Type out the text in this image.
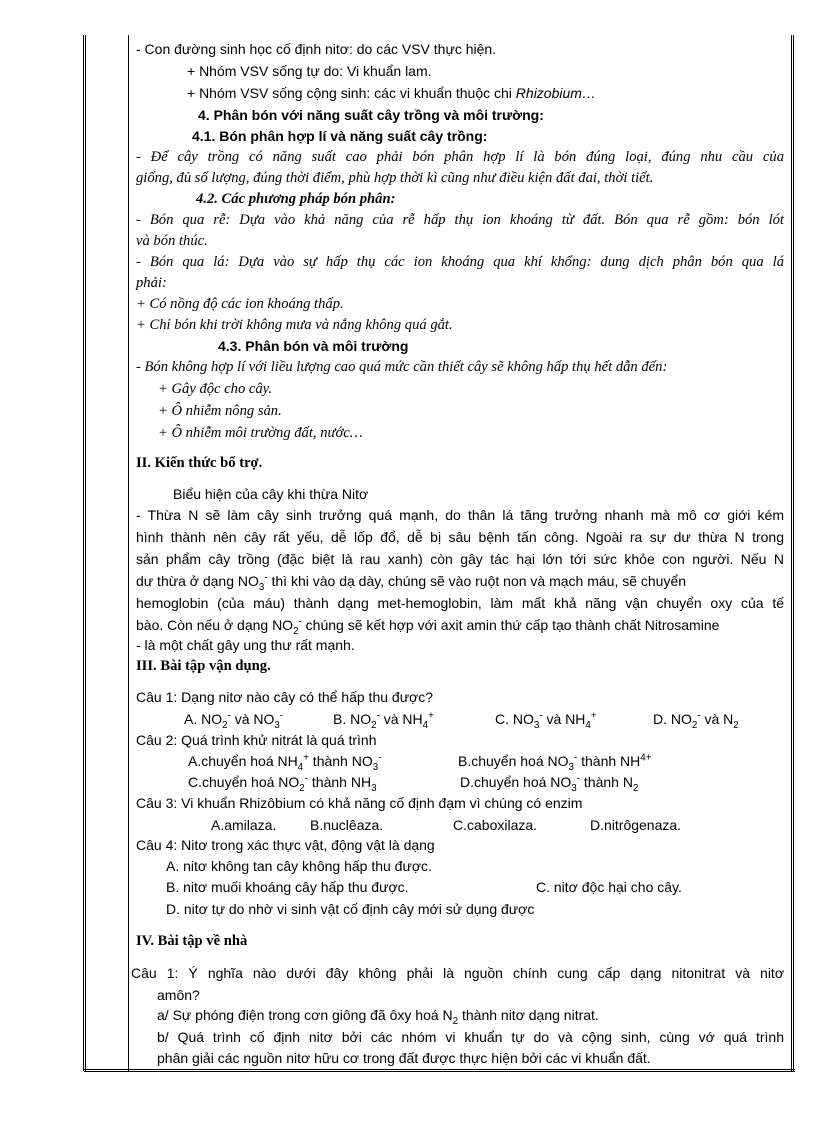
- Con đường sinh học cố định nitơ: do các VSV thực hiện.
+ Nhóm VSV sống tự do: Vi khuẩn lam.
+ Nhóm VSV sống cộng sinh: các vi khuẩn thuộc chi Rhizobium…
4. Phân bón với năng suất cây trồng và môi trường:
4.1. Bón phân hợp lí và năng suất cây trồng:
- Để cây trồng có năng suất cao phải bón phân hợp lí là bón đúng loại, đúng nhu cầu của
giống, đủ số lượng, đúng thời điểm, phù hợp thời kì cũng như điều kiện đất đai, thời tiết.
4.2. Các phương pháp bón phân:
- Bón qua rễ: Dựa vào khả năng của rễ hấp thụ ion khoáng từ đất. Bón qua rễ gồm: bón lót
và bón thúc.
- Bón qua lá: Dựa vào sự hấp thụ các ion khoáng qua khí khổng: dung dịch phân bón qua lá
phải:
+ Có nồng độ các ion khoáng thấp.
+ Chỉ bón khi trời không mưa và nắng không quá gắt.
4.3. Phân bón và môi trường
- Bón không hợp lí với liều lượng cao quá mức cần thiết cây sẽ không hấp thụ hết dẫn đến:
+ Gây độc cho cây.
+ Ô nhiễm nông sản.
+ Ô nhiễm môi trường đất, nước…
II. Kiến thức bổ trợ.
Biểu hiện của cây khi thừa Nitơ
- Thừa N sẽ làm cây sinh trưởng quá mạnh, do thân lá tăng trưởng nhanh mà mô cơ giới kém
hình thành nên cây rất yếu, dễ lốp đổ, dễ bị sâu bệnh tấn công. Ngoài ra sự dư thừa N trong
sản phẩm cây trồng (đặc biệt là rau xanh) còn gây tác hại lớn tới sức khỏe con người. Nếu N
dư thừa ở dạng $NO_3^-$ thì khi vào dạ dày, chúng sẽ vào ruột non và mạch máu, sẽ chuyển
hemoglobin (của máu) thành dạng met-hemoglobin, làm mất khả năng vận chuyển oxy của tế
bào. Còn nếu ở dạng $NO_2^-$ chúng sẽ kết hợp với axit amin thứ cấp tạo thành chất Nitrosamine
- là một chất gây ung thư rất mạnh.
III. Bài tập vận dụng.
Câu 1: Dạng nitơ nào cây có thể hấp thu được?
A. $NO_2^-$ và $NO_3^-$	B. $NO_2^-$ và $NH_4^+$	C. $NO_3^-$ và $NH_4^+$	D. $NO_2^-$ và $N_2$
Câu 2: Quá trình khử nitrát là quá trình
A.chuyển hoá $NH_4^+$ thành $NO_3^-$	B.chuyển hoá $NO_3^-$ thành $NH^{4+}$
C.chuyển hoá $NO_2^-$ thành $NH_3$	D.chuyển hoá $NO_3^-$ thành $N_2$
Câu 3: Vi khuẩn Rhizôbium có khả năng cố định đạm vì chúng có enzim
A.amilaza. B.nuclêaza.	C.caboxilaza.	D.nitrôgenaza.
Câu 4: Nitơ trong xác thực vật, động vật là dạng
A. nitơ không tan cây không hấp thu được.
B. nitơ muối khoáng cây hấp thu được.	C. nitơ độc hại cho cây.
D. nitơ tự do nhờ vi sinh vật cố định cây mới sử dụng được
IV. Bài tập về nhà
Câu 1: Ý nghĩa nào dưới đây không phải là nguồn chính cung cấp dạng nitonitrat và nitơ
amôn?
a/ Sự phóng điện trong cơn giông đã ôxy hoá $N_2$ thành nitơ dạng nitrat.
b/ Quá trình cố định nitơ bởi các nhóm vi khuẩn tự do và cộng sinh, cùng vớ quá trình
phân giải các nguồn nitơ hữu cơ trong đất được thực hiện bởi các vi khuẩn đất.
